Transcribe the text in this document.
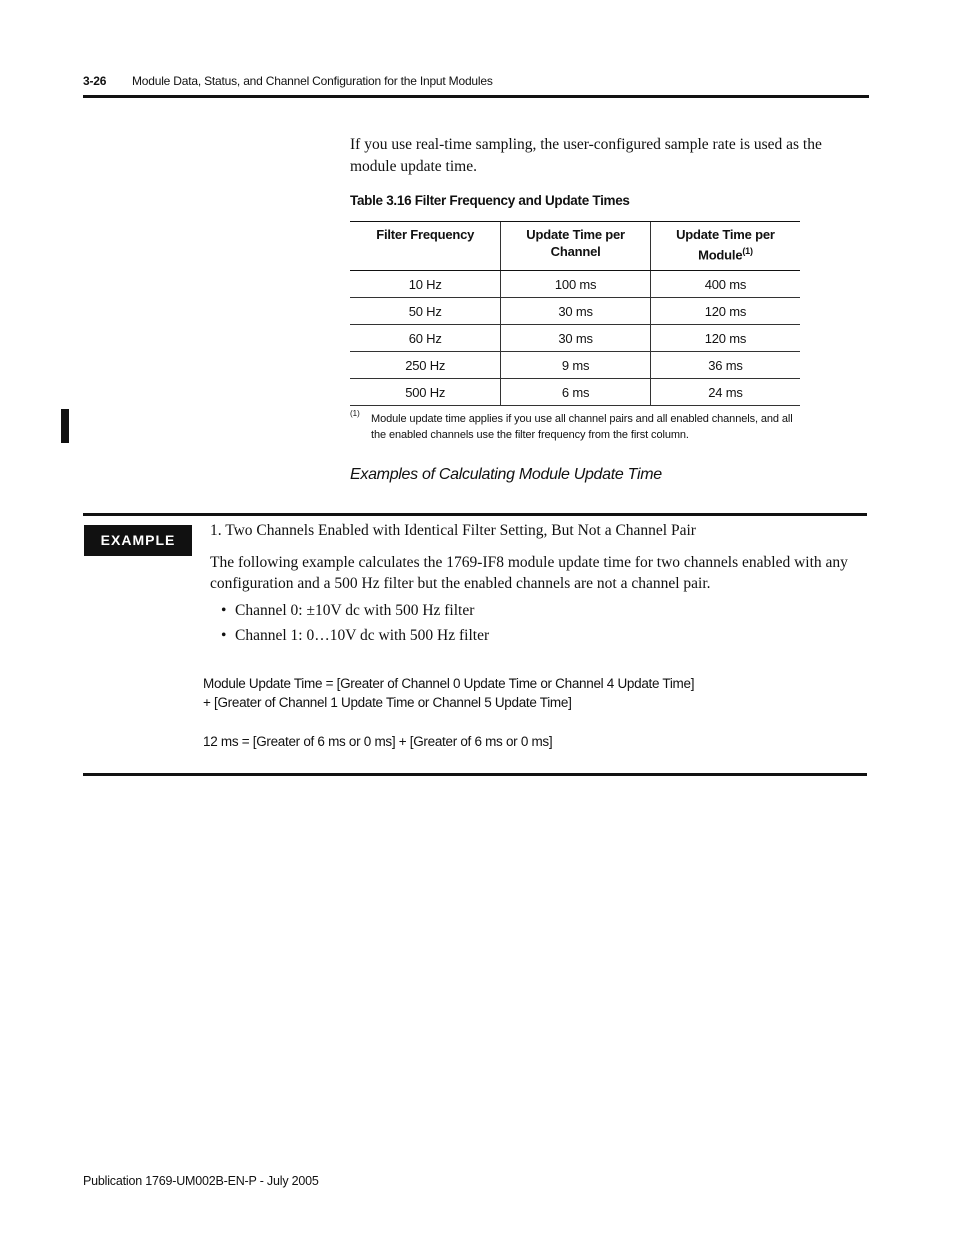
3-26 Module Data, Status, and Channel Configuration for the Input Modules
If you use real-time sampling, the user-configured sample rate is used as the module update time.
Table 3.16 Filter Frequency and Update Times
Filter Frequency	Update Time per Channel	Update Time per Module$^{(1)}$
10 Hz	100 ms	400 ms
50 Hz	30 ms	120 ms
60 Hz	30 ms	120 ms
250 Hz	9 ms	36 ms
500 Hz	6 ms	24 ms
(1) Module update time applies if you use all channel pairs and all enabled channels, and all the enabled channels use the filter frequency from the first column.
Examples of Calculating Module Update Time
EXAMPLE
1. Two Channels Enabled with Identical Filter Setting, But Not a Channel Pair
The following example calculates the 1769-IF8 module update time for two channels enabled with any configuration and a 500 Hz filter but the enabled channels are not a channel pair.
• Channel 0: ±10V dc with 500 Hz filter
• Channel 1: 0…10V dc with 500 Hz filter
Module Update Time = [Greater of Channel 0 Update Time or Channel 4 Update Time]
+ [Greater of Channel 1 Update Time or Channel 5 Update Time]
12 ms = [Greater of 6 ms or 0 ms] + [Greater of 6 ms or 0 ms]
Publication 1769-UM002B-EN-P - July 2005
